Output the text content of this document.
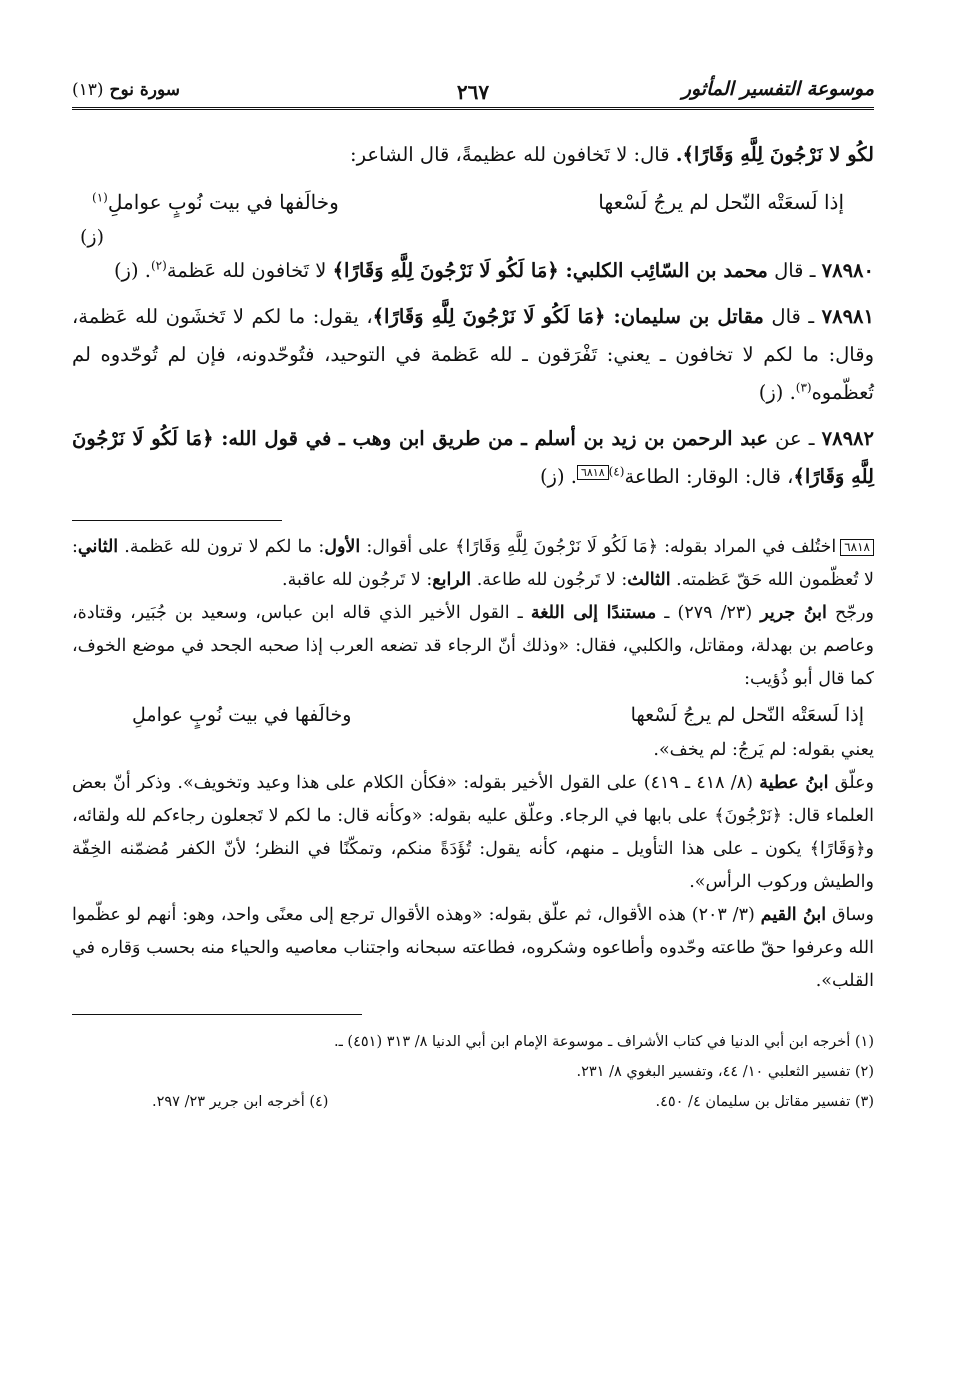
موسوعة التفسير المأثور
٢٦٧
سورة نوح (١٣)

لكُو لا نَرْجُونَ لِلَّهِ وَقَارًا﴾. قال: لا تَخافون لله عظيمةً، قال الشاعر:

إذا لَسعَتْه النّحل لم يرجُ لَسْعها
وخالَفها في بيت نُوبٍ عواملِ$^{(١)}$
(ز)

٧٨٩٨٠ ـ قال محمد بن السّائِب الكلبي: ﴿مَا لَكُو لَا نَرْجُونَ لِلَّهِ وَقَارًا﴾ لا تَخافون لله عَظمة$^{(٢)}$. (ز)

٧٨٩٨١ ـ قال مقاتل بن سليمان: ﴿مَا لَكُو لَا نَرْجُونَ لِلَّهِ وَقَارًا﴾، يقول: ما لكم لا تَخشَون لله عَظمة، وقال: ما لكم لا تخافون ـ يعني: تَفْرَقون ـ لله عَظمة في التوحيد، فتُوحّدونه، فإن لم تُوحّدوه لم تُعظّموه$^{(٣)}$. (ز)

٧٨٩٨٢ ـ عن عبد الرحمن بن زيد بن أسلم ـ من طريق ابن وهب ـ في قول الله: ﴿مَا لَكُو لَا نَرْجُونَ لِلَّهِ وَقَارًا﴾، قال: الوقار: الطاعة$^{(٤)}$٦٨١٨. (ز)

٦٨١٨اختُلف في المراد بقوله: ﴿مَا لَكُو لَا نَرْجُونَ لِلَّهِ وَقَارًا﴾ على أقوال: الأول: ما لكم لا ترون لله عَظمة. الثاني: لا تُعظّمون الله حَقّ عَظمته. الثالث: لا تَرجُون لله طاعة. الرابع: لا تَرجُون لله عاقبة.

ورجّح ابنُ جرير (٢٣/ ٢٧٩) ـ مستندًا إلى اللغة ـ القول الأخير الذي قاله ابن عباس، وسعيد بن جُبَير، وقتادة، وعاصم بن بهدلة، ومقاتل، والكلبي، فقال: «وذلك أنّ الرجاء قد تضعه العرب إذا صحبه الجحد في موضع الخوف، كما قال أبو ذُؤيب:

إذا لَسعَتْه النّحل لم يرجُ لَسْعها
وخالَفها في بيت نُوبٍ عواملِ

يعني بقوله: لم يَرجُ: لم يخف».

وعلّق ابنُ عطية (٨/ ٤١٨ ـ ٤١٩) على القول الأخير بقوله: «فكأن الكلام على هذا وعيد وتخويف». وذكر أنّ بعض العلماء قال: ﴿نَرْجُونَ﴾ على بابها في الرجاء. وعلّق عليه بقوله: «وكأنه قال: ما لكم لا تَجعلون رجاءكم لله ولقائه، و﴿وَقَارًا﴾ يكون ـ على هذا التأويل ـ منهم، كأنه يقول: تُؤَدَةً منكم، وتمكّنًا في النظر؛ لأنّ الكفر مُضمّنه الخِفّة والطيش وركوب الرأس».

وساق ابنُ القيم (٣/ ٢٠٣) هذه الأقوال، ثم علّق بقوله: «وهذه الأقوال ترجع إلى معنًى واحد، وهو: أنهم لو عظّموا الله وعرفوا حقّ طاعته وحّدوه وأطاعوه وشكروه، فطاعته سبحانه واجتناب معاصيه والحياء منه بحسب وَقاره في القلب».

(١) أخرجه ابن أبي الدنيا في كتاب الأشراف ـ موسوعة الإمام ابن أبي الدنيا ٨/ ٣١٣ (٤٥١) ـ.

(٢) تفسير الثعلبي ١٠/ ٤٤، وتفسير البغوي ٨/ ٢٣١.

(٣) تفسير مقاتل بن سليمان ٤/ ٤٥٠.
(٤) أخرجه ابن جرير ٢٣/ ٢٩٧.
